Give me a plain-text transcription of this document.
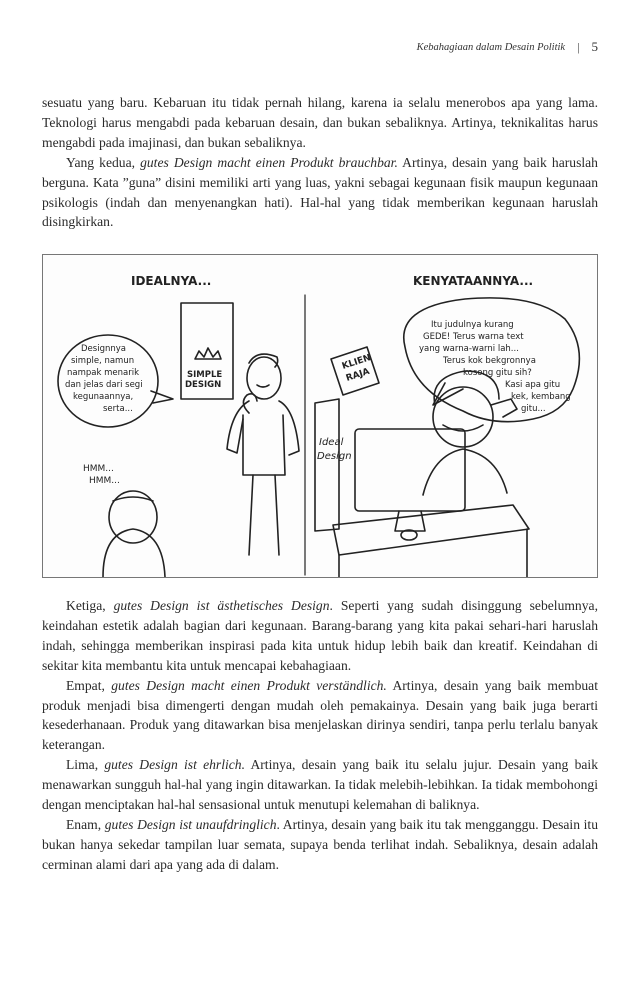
Kebahagiaan dalam Desain Politik | 5

sesuatu yang baru. Kebaruan itu tidak pernah hilang, karena ia selalu menerobos apa yang lama. Teknologi harus mengabdi pada kebaruan desain, dan bukan sebaliknya. Artinya, teknikalitas harus mengabdi pada imajinasi, dan bukan sebaliknya.

Yang kedua, gutes Design macht einen Produkt brauchbar. Artinya, desain yang baik haruslah berguna. Kata ”guna” disini memiliki arti yang luas, yakni sebagai kegunaan fisik maupun kegunaan psikologis (indah dan menyenangkan hati). Hal-hal yang tidak memberikan kegunaan haruslah disingkirkan.

IDEALNYA...	KENYATAANNYA...
Designnya
simple, namun
nampak menarik
dan jelas dari segi
kegunaannya,
serta...
SIMPLE
DESIGN
HMM...
HMM...
Itu judulnya kurang
GEDE! Terus warna text
yang warna-warni lah...
Terus kok bekgronnya
kosong gitu sih?
Kasi apa gitu
kek, kembang
gitu...
KLIEN
RAJA
Ideal
Design

Ketiga, gutes Design ist ästhetisches Design. Seperti yang sudah disinggung sebelumnya, keindahan estetik adalah bagian dari kegunaan. Barang-barang yang kita pakai sehari-hari haruslah indah, sehingga memberikan inspirasi pada kita untuk hidup lebih baik dan kreatif. Keindahan di sekitar kita membantu kita untuk mencapai kebahagiaan.

Empat, gutes Design macht einen Produkt verständlich. Artinya, desain yang baik membuat produk menjadi bisa dimengerti dengan mudah oleh pemakainya. Desain yang baik juga berarti kesederhanaan. Produk yang ditawarkan bisa menjelaskan dirinya sendiri, tanpa perlu terlalu banyak keterangan.

Lima, gutes Design ist ehrlich. Artinya, desain yang baik itu selalu jujur. Desain yang baik menawarkan sungguh hal-hal yang ingin ditawarkan. Ia tidak melebih-lebihkan. Ia tidak membohongi dengan menciptakan hal-hal sensasional untuk menutupi kelemahan di baliknya.

Enam, gutes Design ist unaufdringlich. Artinya, desain yang baik itu tak mengganggu. Desain itu bukan hanya sekedar tampilan luar semata, supaya benda terlihat indah. Sebaliknya, desain adalah cerminan alami dari apa yang ada di dalam.
